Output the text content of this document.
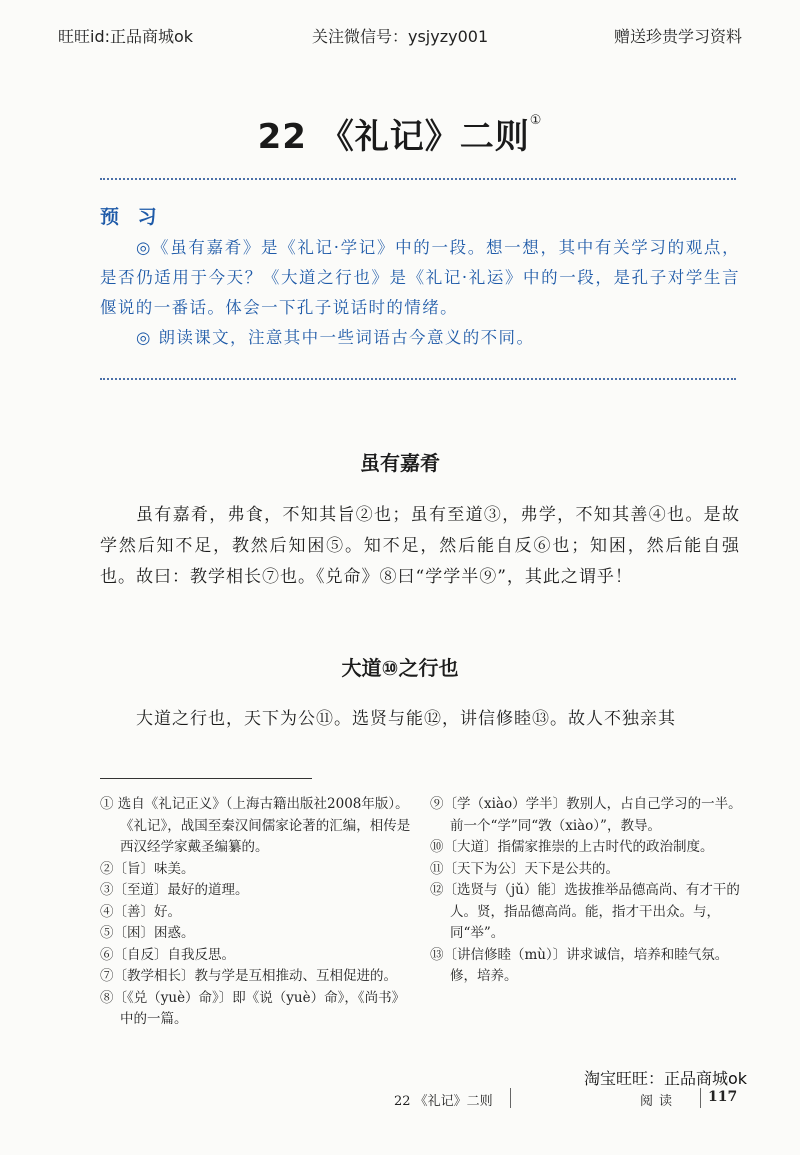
旺旺id:正品商城ok	关注微信号：ysjyzy001	赠送珍贵学习资料
22 《礼记》二则①
预 习

◎《虽有嘉肴》是《礼记·学记》中的一段。想一想，其中有关学习的观点，是否仍适用于今天？《大道之行也》是《礼记·礼运》中的一段，是孔子对学生言偃说的一番话。体会一下孔子说话时的情绪。

◎ 朗读课文，注意其中一些词语古今意义的不同。

虽有嘉肴

虽有嘉肴，弗食，不知其旨②也；虽有至道③，弗学，不知其善④也。是故学然后知不足，教然后知困⑤。知不足，然后能自反⑥也；知困，然后能自强也。故曰：教学相长⑦也。《兑命》⑧曰“学学半⑨”，其此之谓乎！

大道⑩之行也

大道之行也，天下为公⑪。选贤与能⑫，讲信修睦⑬。故人不独亲其

① 选自《礼记正义》（上海古籍出版社2008年版）。《礼记》，战国至秦汉间儒家论著的汇编，相传是西汉经学家戴圣编纂的。
②〔旨〕味美。
③〔至道〕最好的道理。
④〔善〕好。
⑤〔困〕困惑。
⑥〔自反〕自我反思。
⑦〔教学相长〕教与学是互相推动、互相促进的。
⑧〔《兑（yuè）命》〕即《说（yuè）命》，《尚书》中的一篇。
⑨〔学（xiào）学半〕教别人，占自己学习的一半。前一个“学”同“敩（xiào）”，教导。
⑩〔大道〕指儒家推崇的上古时代的政治制度。
⑪〔天下为公〕天下是公共的。
⑫〔选贤与（jǔ）能〕选拔推举品德高尚、有才干的人。贤，指品德高尚。能，指才干出众。与，同“举”。
⑬〔讲信修睦（mù）〕讲求诚信，培养和睦气氛。修，培养。
淘宝旺旺：正品商城ok
22 《礼记》二则	阅读 117
